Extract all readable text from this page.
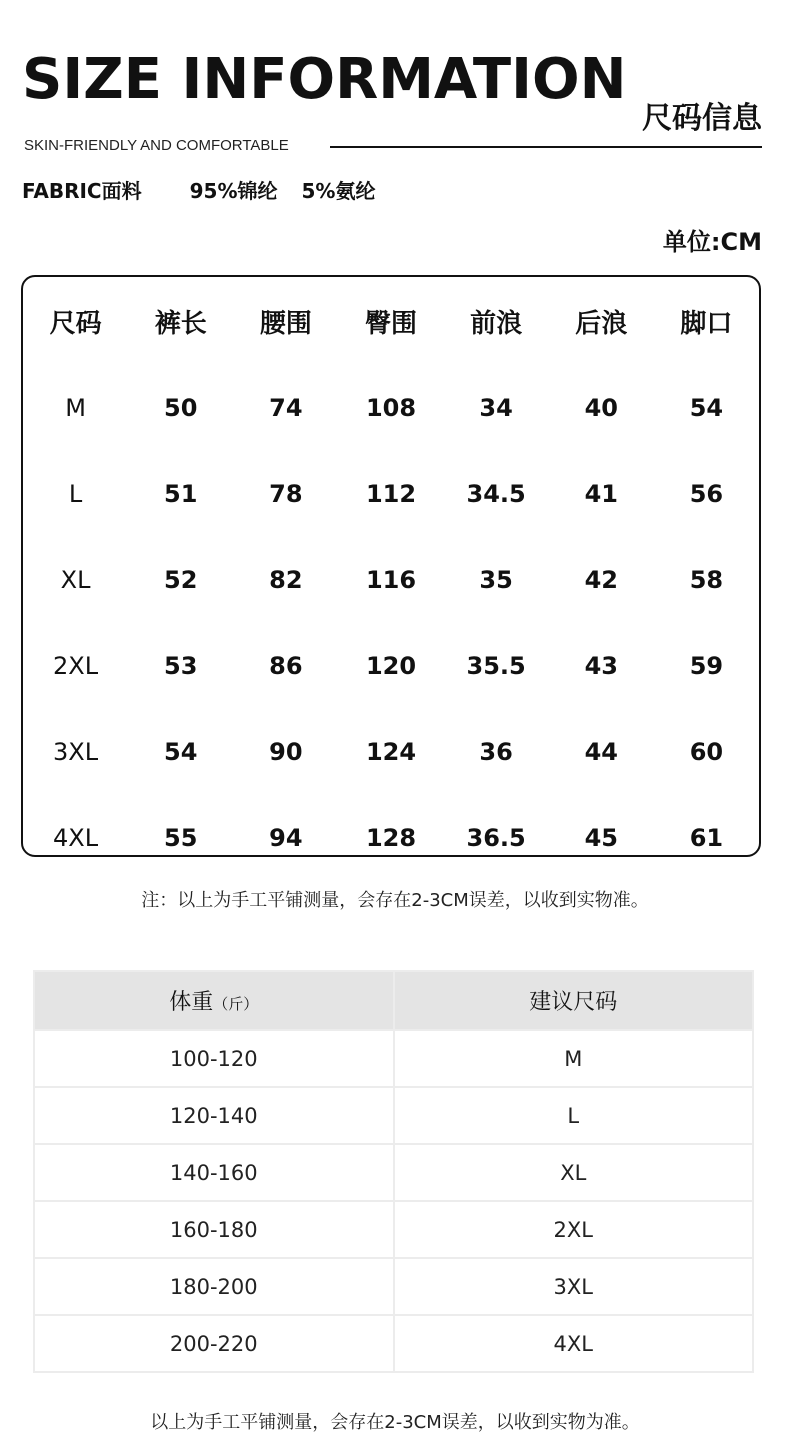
SIZE INFORMATION
尺码信息
SKIN-FRIENDLY AND COMFORTABLE
FABRIC面料 95%锦纶 5%氨纶
单位:CM
尺码	裤长	腰围	臀围	前浪	后浪	脚口
M	50	74	108	34	40	54
L	51	78	112	34.5	41	56
XL	52	82	116	35	42	58
2XL	53	86	120	35.5	43	59
3XL	54	90	124	36	44	60
4XL	55	94	128	36.5	45	61
注：以上为手工平铺测量，会存在2-3CM误差，以收到实物准。
体重（斤）	建议尺码
100-120	M
120-140	L
140-160	XL
160-180	2XL
180-200	3XL
200-220	4XL
以上为手工平铺测量，会存在2-3CM误差，以收到实物为准。
